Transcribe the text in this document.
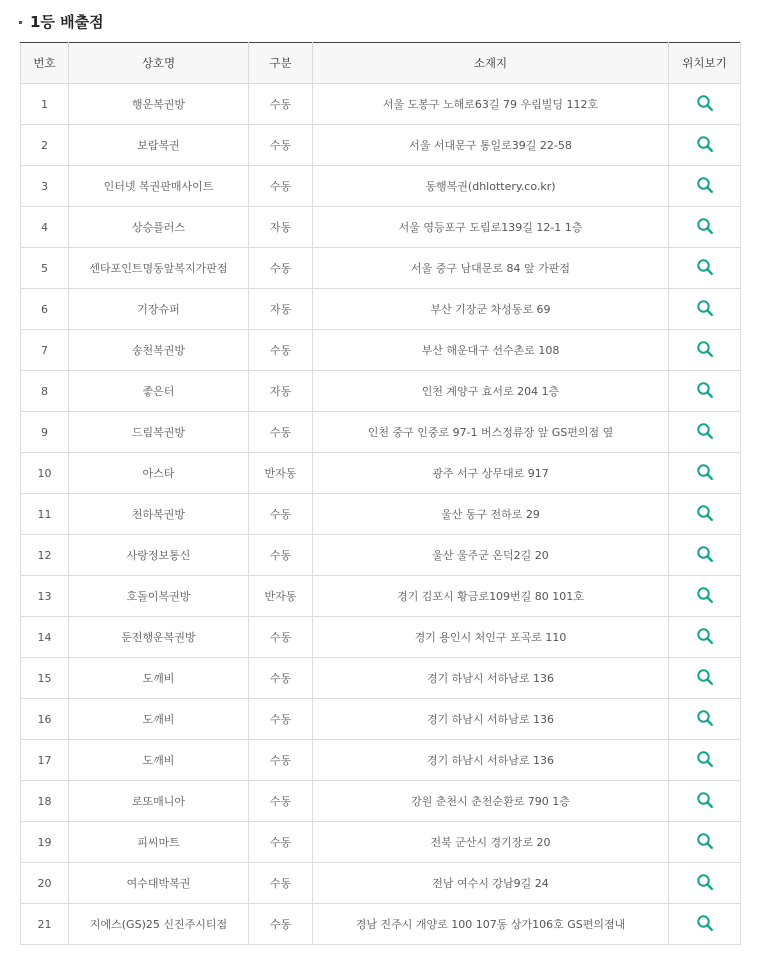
1등 배출점
번호	상호명	구분	소재지	위치보기
1	행운복권방	수동	서울 도봉구 노해로63길 79 우림빌딩 112호	
2	보람복권	수동	서울 서대문구 통일로39길 22-58	
3	인터넷 복권판매사이트	수동	동행복권(dhlottery.co.kr)	
4	상승플러스	자동	서울 영등포구 도림로139길 12-1 1층	
5	센타포인트명동앞복지가판점	수동	서울 중구 남대문로 84 앞 가판점	
6	기장슈퍼	자동	부산 기장군 차성동로 69	
7	송천복권방	수동	부산 해운대구 선수촌로 108	
8	좋은터	자동	인천 계양구 효서로 204 1층	
9	드림복권방	수동	인천 중구 인중로 97-1 버스정류장 앞 GS편의점 옆	
10	아스타	반자동	광주 서구 상무대로 917	
11	천하복권방	수동	울산 동구 전하로 29	
12	사랑정보통신	수동	울산 울주군 온덕2길 20	
13	호돌이복권방	반자동	경기 김포시 황금로109번길 80 101호	
14	둔전행운복권방	수동	경기 용인시 처인구 포곡로 110	
15	도깨비	수동	경기 하남시 서하남로 136	
16	도깨비	수동	경기 하남시 서하남로 136	
17	도깨비	수동	경기 하남시 서하남로 136	
18	로또매니아	수동	강원 춘천시 춘천순환로 790 1층	
19	피씨마트	수동	전북 군산시 경기장로 20	
20	여수대박복권	수동	전남 여수시 강남9길 24	
21	지에스(GS)25 신진주시티점	수동	경남 진주시 개양로 100 107동 상가106호 GS편의점내	
